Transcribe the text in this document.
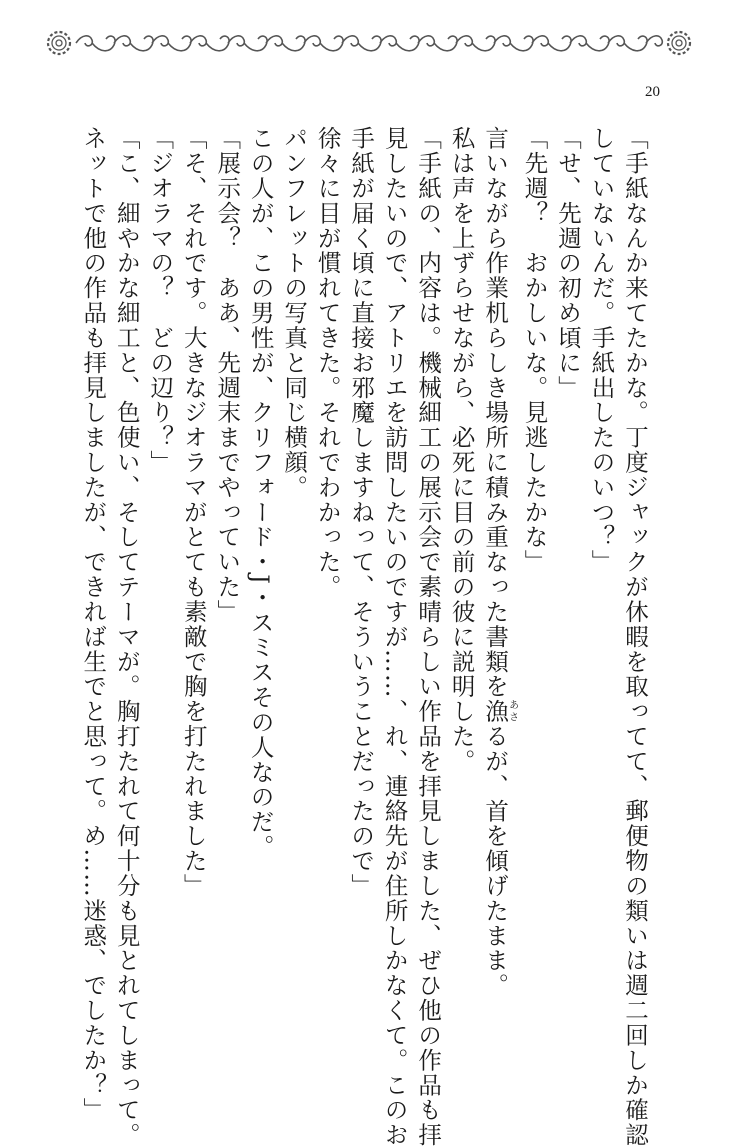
20

「手紙なんか来てたかな。丁度ジャックが休暇を取ってて、郵便物の類いは週二回しか確認

していないんだ。手紙出したのいつ？」

「せ、先週の初め頃に」

「先週？　おかしいな。見逃したかな」

言いながら作業机らしき場所に積み重なった書類を漁あさるが、首を傾げたまま。

私は声を上ずらせながら、必死に目の前の彼に説明した。

「手紙の、内容は。機械細工の展示会で素晴らしい作品を拝見しました、ぜひ他の作品も拝

見したいので、アトリエを訪問したいのですが……、れ、連絡先が住所しかなくて。このお

手紙が届く頃に直接お邪魔しますねって、そういうことだったので」

徐々に目が慣れてきた。それでわかった。

パンフレットの写真と同じ横顔。

この人が、この男性が、クリフォード・J・スミスその人なのだ。

「展示会？　ああ、先週末までやっていた」

「そ、それです。大きなジオラマがとても素敵で胸を打たれました」

「ジオラマの？　どの辺り？」

「こ、細やかな細工と、色使い、そしてテーマが。胸打たれて何十分も見とれてしまって。

ネットで他の作品も拝見しましたが、できれば生でと思って。め……迷惑、でしたか？」
